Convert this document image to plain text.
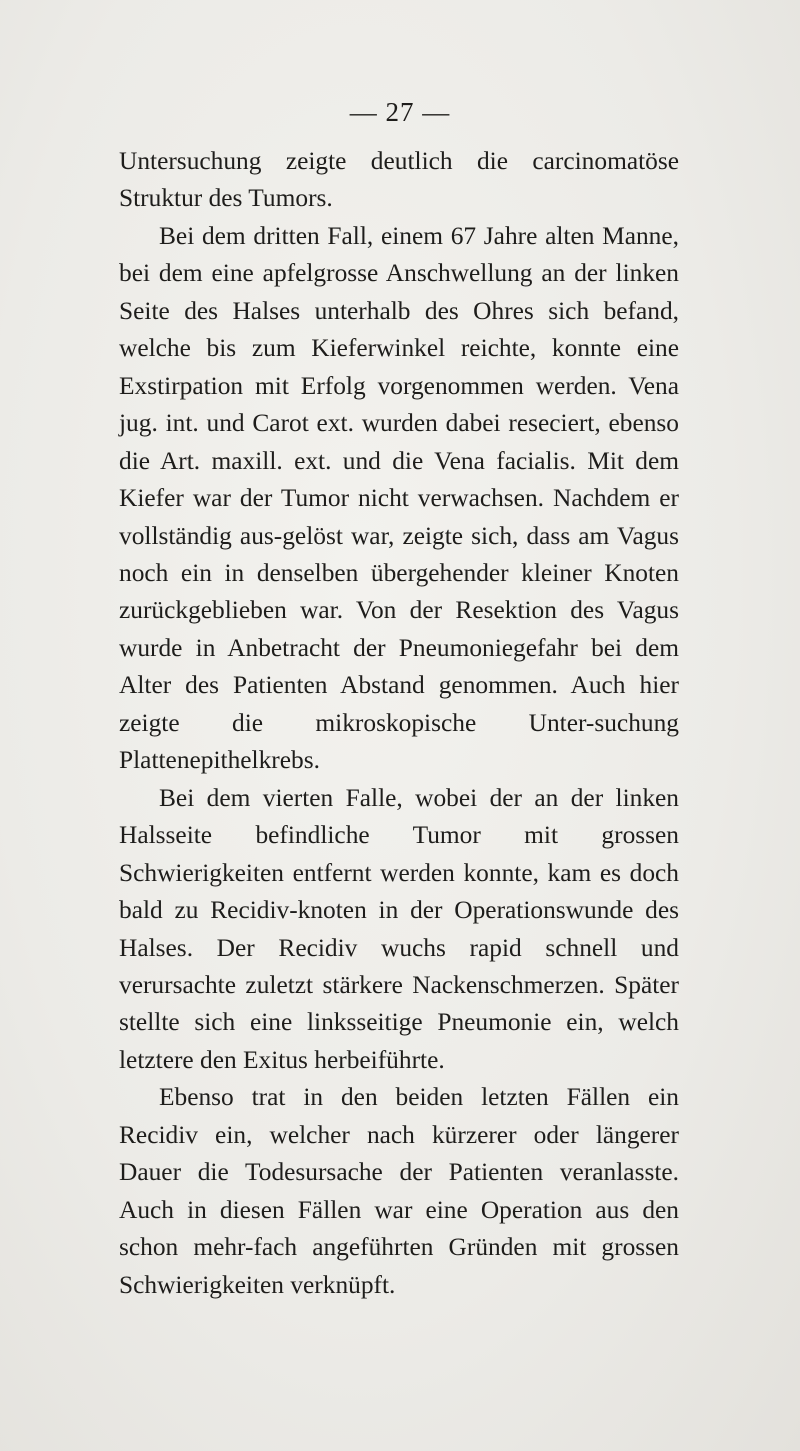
— 27 —

Untersuchung zeigte deutlich die carcinomatöse Struktur des Tumors.

Bei dem dritten Fall, einem 67 Jahre alten Manne, bei dem eine apfelgrosse Anschwellung an der linken Seite des Halses unterhalb des Ohres sich befand, welche bis zum Kieferwinkel reichte, konnte eine Exstirpation mit Erfolg vorgenommen werden. Vena jug. int. und Carot ext. wurden dabei reseciert, ebenso die Art. maxill. ext. und die Vena facialis. Mit dem Kiefer war der Tumor nicht verwachsen. Nachdem er vollständig aus-gelöst war, zeigte sich, dass am Vagus noch ein in denselben übergehender kleiner Knoten zurückgeblieben war. Von der Resektion des Vagus wurde in Anbetracht der Pneumoniegefahr bei dem Alter des Patienten Abstand genommen. Auch hier zeigte die mikroskopische Unter-suchung Plattenepithelkrebs.

Bei dem vierten Falle, wobei der an der linken Halsseite befindliche Tumor mit grossen Schwierigkeiten entfernt werden konnte, kam es doch bald zu Recidiv-knoten in der Operationswunde des Halses. Der Recidiv wuchs rapid schnell und verursachte zuletzt stärkere Nackenschmerzen. Später stellte sich eine linksseitige Pneumonie ein, welch letztere den Exitus herbeiführte.

Ebenso trat in den beiden letzten Fällen ein Recidiv ein, welcher nach kürzerer oder längerer Dauer die Todesursache der Patienten veranlasste. Auch in diesen Fällen war eine Operation aus den schon mehr-fach angeführten Gründen mit grossen Schwierigkeiten verknüpft.
